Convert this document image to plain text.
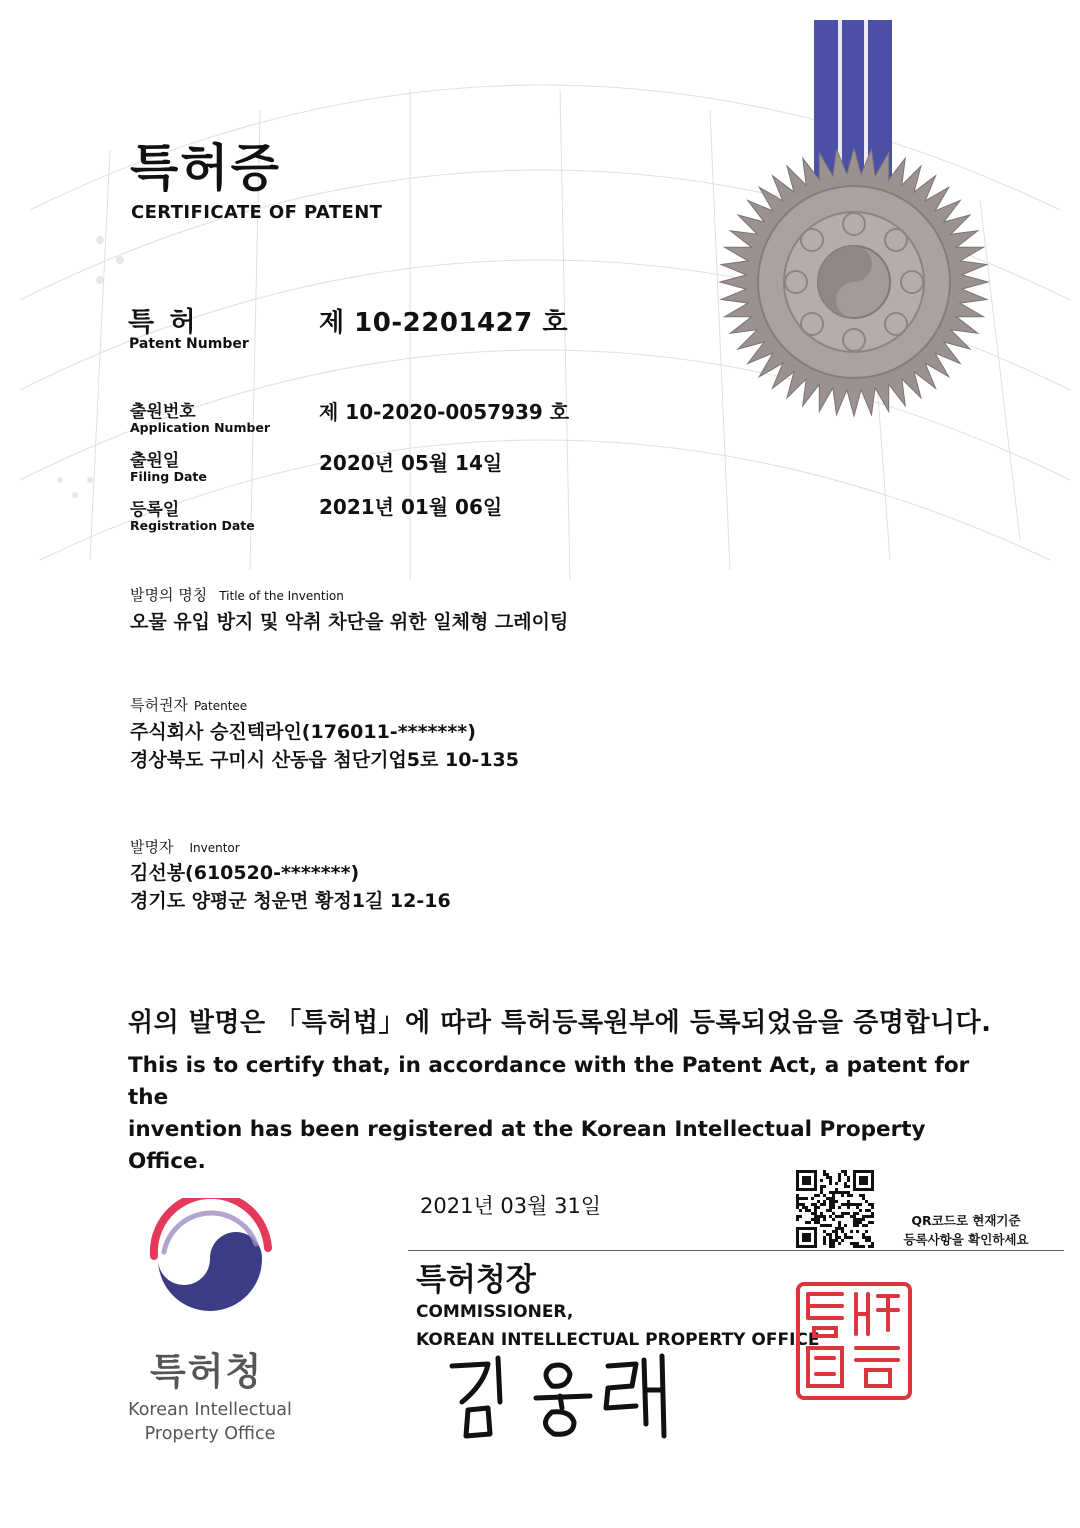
특허증
CERTIFICATE OF PATENT
특 허
Patent Number
제 10-2201427 호
출원번호
Application Number
제 10-2020-0057939 호
출원일
Filing Date
2020년 05월 14일
등록일
Registration Date
2021년 01월 06일
발명의 명칭 Title of the Invention
오물 유입 방지 및 악취 차단을 위한 일체형 그레이팅
특허권자 Patentee
주식회사 승진텍라인(176011-*******)
경상북도 구미시 산동읍 첨단기업5로 10-135
발명자 Inventor
김선봉(610520-*******)
경기도 양평군 청운면 황정1길 12-16
위의 발명은 「특허법」에 따라 특허등록원부에 등록되었음을 증명합니다.
This is to certify that, in accordance with the Patent Act, a patent for the
invention has been registered at the Korean Intellectual Property Office.
2021년 03월 31일
QR코드로 현재기준
등록사항을 확인하세요
특허청장
COMMISSIONER,
KOREAN INTELLECTUAL PROPERTY OFFICE
특허청
Korean Intellectual
Property Office
